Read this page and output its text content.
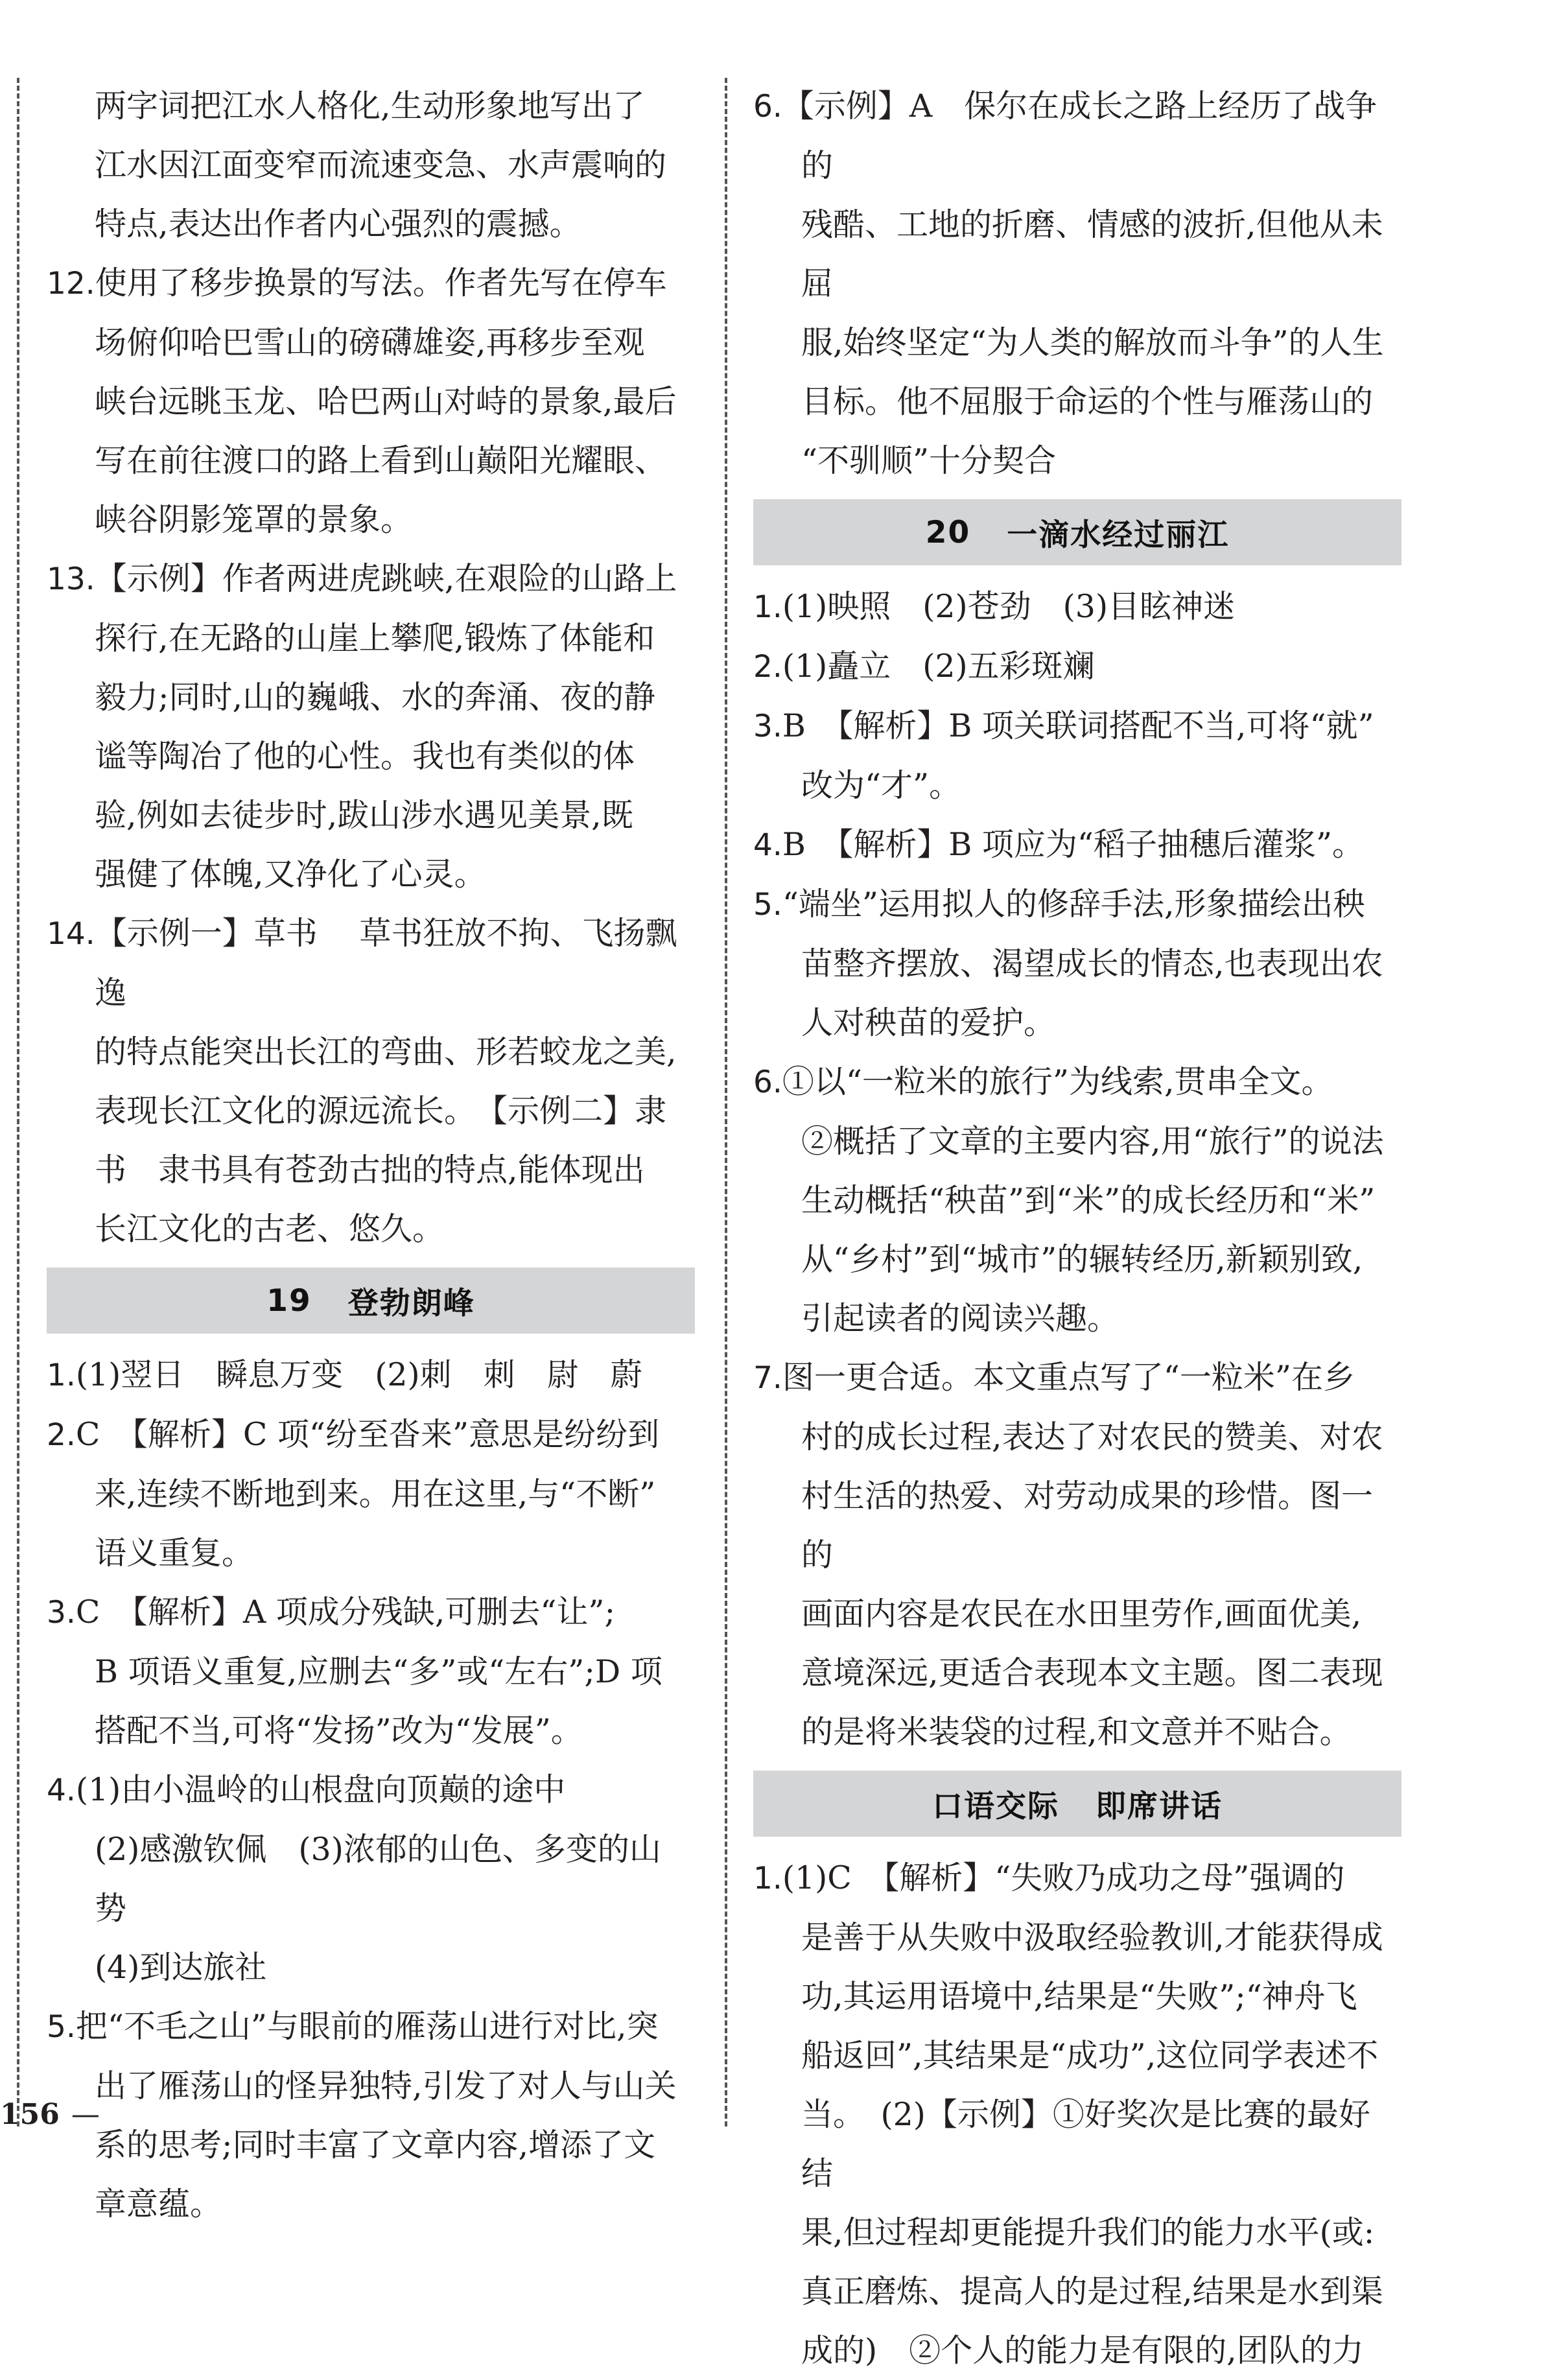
两字词把江水人格化,生动形象地写出了
江水因江面变窄而流速变急、水声震响的
特点,表达出作者内心强烈的震撼。
12.使用了移步换景的写法。作者先写在停车
场俯仰哈巴雪山的磅礴雄姿,再移步至观
峡台远眺玉龙、哈巴两山对峙的景象,最后
写在前往渡口的路上看到山巅阳光耀眼、
峡谷阴影笼罩的景象。
13.【示例】作者两进虎跳峡,在艰险的山路上
探行,在无路的山崖上攀爬,锻炼了体能和
毅力;同时,山的巍峨、水的奔涌、夜的静
谧等陶冶了他的心性。我也有类似的体
验,例如去徒步时,跋山涉水遇见美景,既
强健了体魄,又净化了心灵。
14.【示例一】草书　 草书狂放不拘、飞扬飘逸
的特点能突出长江的弯曲、形若蛟龙之美,
表现长江文化的源远流长。　【示例二】隶
书　隶书具有苍劲古拙的特点,能体现出
长江文化的古老、悠久。
19 登勃朗峰
1.(1)翌日　瞬息万变　(2)刺　刺　尉　蔚
2.C　【解析】C 项“纷至沓来”意思是纷纷到
来,连续不断地到来。用在这里,与“不断”
语义重复。
3.C　【解析】A 项成分残缺,可删去“让”;
B 项语义重复,应删去“多”或“左右”;D 项
搭配不当,可将“发扬”改为“发展”。
4.(1)由小温岭的山根盘向顶巅的途中
(2)感激钦佩　(3)浓郁的山色、多变的山
势
(4)到达旅社
5.把“不毛之山”与眼前的雁荡山进行对比,突
出了雁荡山的怪异独特,引发了对人与山关
系的思考;同时丰富了文章内容,增添了文
章意蕴。
6.【示例】A　保尔在成长之路上经历了战争的
残酷、工地的折磨、情感的波折,但他从未屈
服,始终坚定“为人类的解放而斗争”的人生
目标。他不屈服于命运的个性与雁荡山的
“不驯顺”十分契合
20 一滴水经过丽江
1.(1)映照　(2)苍劲　(3)目眩神迷
2.(1)矗立　(2)五彩斑斓
3.B　【解析】B 项关联词搭配不当,可将“就”
改为“才”。
4.B　【解析】B 项应为“稻子抽穗后灌浆”。
5.“端坐”运用拟人的修辞手法,形象描绘出秧
苗整齐摆放、渴望成长的情态,也表现出农
人对秧苗的爱护。
6.①以“一粒米的旅行”为线索,贯串全文。
②概括了文章的主要内容,用“旅行”的说法
生动概括“秧苗”到“米”的成长经历和“米”
从“乡村”到“城市”的辗转经历,新颖别致,
引起读者的阅读兴趣。
7.图一更合适。本文重点写了“一粒米”在乡
村的成长过程,表达了对农民的赞美、对农
村生活的热爱、对劳动成果的珍惜。图一的
画面内容是农民在水田里劳作,画面优美,
意境深远,更适合表现本文主题。图二表现
的是将米装袋的过程,和文意并不贴合。
口语交际 即席讲话
1.(1)C　【解析】“失败乃成功之母”强调的
是善于从失败中汲取经验教训,才能获得成
功,其运用语境中,结果是“失败”;“神舟飞
船返回”,其结果是“成功”,这位同学表述不
当。　(2)【示例】①好奖次是比赛的最好结
果,但过程却更能提升我们的能力水平(或:
真正磨炼、提高人的是过程,结果是水到渠
成的)　②个人的能力是有限的,团队的力
156 —
